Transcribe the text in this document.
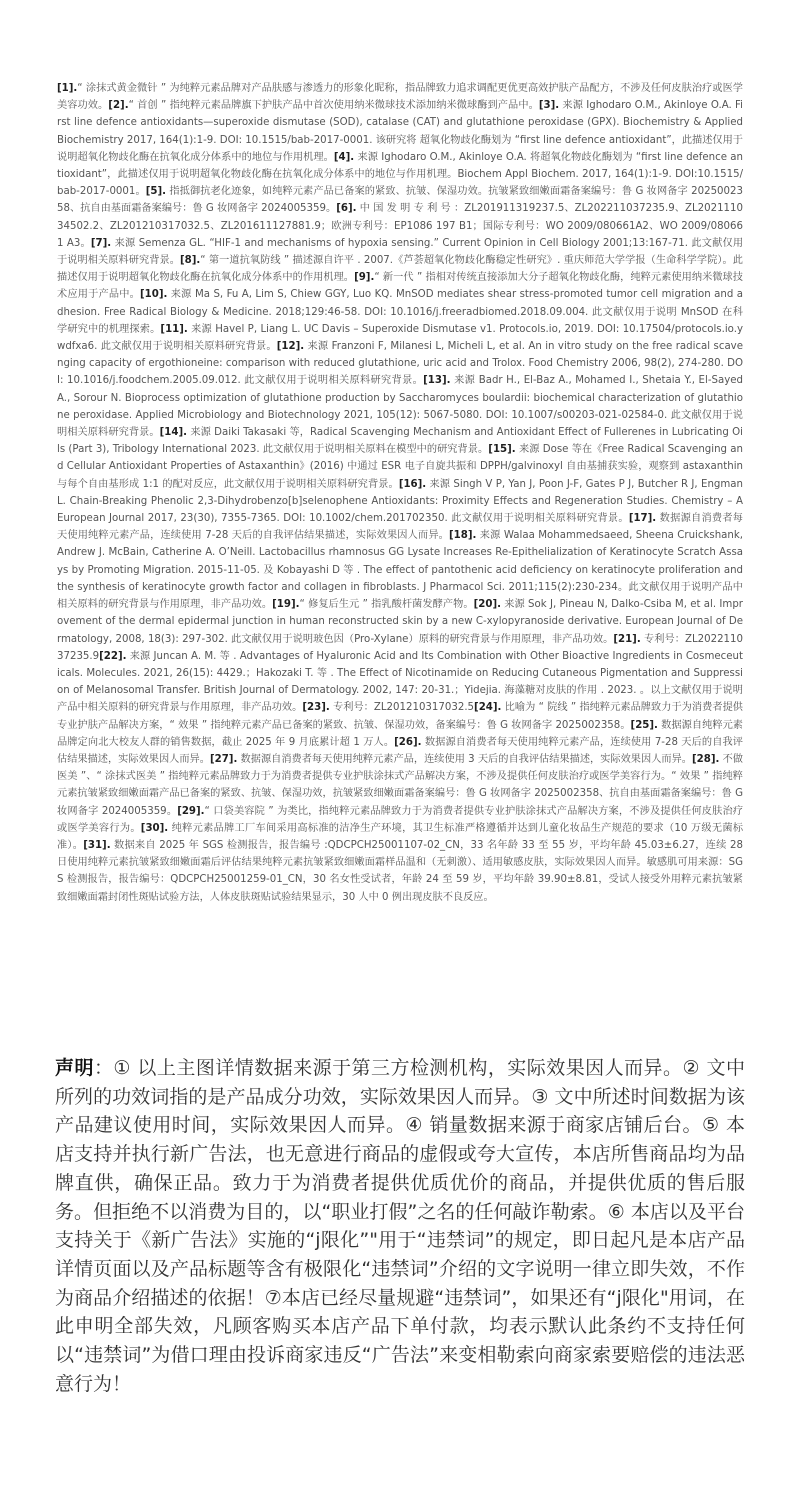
[1].“ 涂抹式黄金微针 ” 为纯粹元素品牌对产品肤感与渗透力的形象化昵称，指品牌致力追求调配更优更高效护肤产品配方，不涉及任何皮肤治疗或医学美容功效。[2].“ 首创 ” 指纯粹元素品牌旗下护肤产品中首次使用纳米微球技术添加纳米微球酶到产品中。[3]. 来源 Ighodaro O.M., Akinloye O.A. First line defence antioxidants—superoxide dismutase (SOD), catalase (CAT) and glutathione peroxidase (GPX). Biochemistry & Applied Biochemistry 2017, 164(1):1-9. DOI: 10.1515/bab-2017-0001. 该研究将 超氧化物歧化酶划为 “first line defence antioxidant”，此描述仅用于说明超氧化物歧化酶在抗氧化成分体系中的地位与作用机理。[4]. 来源 Ighodaro O.M., Akinloye O.A. 将超氧化物歧化酶划为 “first line defence antioxidant”，此描述仅用于说明超氧化物歧化酶在抗氧化成分体系中的地位与作用机理。Biochem Appl Biochem. 2017, 164(1):1-9. DOI:10.1515/bab-2017-0001。[5]. 指抵御抗老化迹象，如纯粹元素产品已备案的紧致、抗皱、保湿功效。抗皱紧致细嫩面霜备案编号：鲁 G 妆网备字 2025002358、抗自由基面霜备案编号：鲁 G 妆网备字 2024005359。[6]. 中 国 发 明 专 利 号 ：ZL201911319237.5、ZL202211037235.9、ZL202111034502.2、ZL201210317032.5、ZL201611127881.9；欧洲专利号：EP1086 197 B1；国际专利号：WO 2009/080661A2、WO 2009/080661 A3。[7]. 来源 Semenza GL. “HIF-1 and mechanisms of hypoxia sensing.” Current Opinion in Cell Biology 2001;13:167-71. 此文献仅用于说明相关原料研究背景。[8].“ 第一道抗氧防线 ” 描述源自许平 . 2007.《芦荟超氧化物歧化酶稳定性研究》. 重庆师范大学学报（生命科学学院）。此描述仅用于说明超氧化物歧化酶在抗氧化成分体系中的作用机理。[9].“ 新一代 ” 指相对传统直接添加大分子超氧化物歧化酶，纯粹元素使用纳米微球技术应用于产品中。[10]. 来源 Ma S, Fu A, Lim S, Chiew GGY, Luo KQ. MnSOD mediates shear stress-promoted tumor cell migration and adhesion. Free Radical Biology & Medicine. 2018;129:46-58. DOI: 10.1016/j.freeradbiomed.2018.09.004. 此文献仅用于说明 MnSOD 在科学研究中的机理探索。[11]. 来源 Havel P, Liang L. UC Davis – Superoxide Dismutase v1. Protocols.io, 2019. DOI: 10.17504/protocols.io.ywdfxa6. 此文献仅用于说明相关原料研究背景。[12]. 来源 Franzoni F, Milanesi L, Micheli L, et al. An in vitro study on the free radical scavenging capacity of ergothioneine: comparison with reduced glutathione, uric acid and Trolox. Food Chemistry 2006, 98(2), 274-280. DOI: 10.1016/j.foodchem.2005.09.012. 此文献仅用于说明相关原料研究背景。[13]. 来源 Badr H., El-Baz A., Mohamed I., Shetaia Y., El-Sayed A., Sorour N. Bioprocess optimization of glutathione production by Saccharomyces boulardii: biochemical characterization of glutathione peroxidase. Applied Microbiology and Biotechnology 2021, 105(12): 5067-5080. DOI: 10.1007/s00203-021-02584-0. 此文献仅用于说明相关原料研究背景。[14]. 来源 Daiki Takasaki 等，Radical Scavenging Mechanism and Antioxidant Effect of Fullerenes in Lubricating Oils (Part 3), Tribology International 2023. 此文献仅用于说明相关原料在模型中的研究背景。[15]. 来源 Dose 等在《Free Radical Scavenging and Cellular Antioxidant Properties of Astaxanthin》(2016) 中通过 ESR 电子自旋共振和 DPPH/galvinoxyl 自由基捕获实验，观察到 astaxanthin 与每个自由基形成 1:1 的配对反应，此文献仅用于说明相关原料研究背景。[16]. 来源 Singh V P, Yan J, Poon J-F, Gates P J, Butcher R J, Engman L. Chain-Breaking Phenolic 2,3-Dihydrobenzo[b]selenophene Antioxidants: Proximity Effects and Regeneration Studies. Chemistry – A European Journal 2017, 23(30), 7355-7365. DOI: 10.1002/chem.201702350. 此文献仅用于说明相关原料研究背景。[17]. 数据源自消费者每天使用纯粹元素产品，连续使用 7-28 天后的自我评估结果描述，实际效果因人而异。[18]. 来源 Walaa Mohammedsaeed, Sheena Cruickshank, Andrew J. McBain, Catherine A. O’Neill. Lactobacillus rhamnosus GG Lysate Increases Re-Epithelialization of Keratinocyte Scratch Assays by Promoting Migration. 2015-11-05. 及 Kobayashi D 等 . The effect of pantothenic acid deficiency on keratinocyte proliferation and the synthesis of keratinocyte growth factor and collagen in fibroblasts. J Pharmacol Sci. 2011;115(2):230-234。此文献仅用于说明产品中相关原料的研究背景与作用原理，非产品功效。[19].“ 修复后生元 ” 指乳酸杆菌发酵产物。[20]. 来源 Sok J, Pineau N, Dalko-Csiba M, et al. Improvement of the dermal epidermal junction in human reconstructed skin by a new C-xylopyranoside derivative. European Journal of Dermatology, 2008, 18(3): 297-302. 此文献仅用于说明玻色因（Pro-Xylane）原料的研究背景与作用原理，非产品功效。[21]. 专利号：ZL202211037235.9[22]. 来源 Juncan A. M. 等 . Advantages of Hyaluronic Acid and Its Combination with Other Bioactive Ingredients in Cosmeceuticals. Molecules. 2021, 26(15): 4429.；Hakozaki T. 等 . The Effect of Nicotinamide on Reducing Cutaneous Pigmentation and Suppression of Melanosomal Transfer. British Journal of Dermatology. 2002, 147: 20-31.；Yidejia. 海藻糖对皮肤的作用 . 2023. 。以上文献仅用于说明产品中相关原料的研究背景与作用原理，非产品功效。[23]. 专利号：ZL201210317032.5[24]. 比喻为 “ 院线 ” 指纯粹元素品牌致力于为消费者提供专业护肤产品解决方案，“ 效果 ” 指纯粹元素产品已备案的紧致、抗皱、保湿功效，备案编号：鲁 G 妆网备字 2025002358。[25]. 数据源自纯粹元素品牌定向北大校友人群的销售数据，截止 2025 年 9 月底累计超 1 万人。[26]. 数据源自消费者每天使用纯粹元素产品，连续使用 7-28 天后的自我评估结果描述，实际效果因人而异。[27]. 数据源自消费者每天使用纯粹元素产品，连续使用 3 天后的自我评估结果描述，实际效果因人而异。[28]. 不做医美 ”、“ 涂抹式医美 ” 指纯粹元素品牌致力于为消费者提供专业护肤涂抹式产品解决方案，不涉及提供任何皮肤治疗或医学美容行为。“ 效果 ” 指纯粹元素抗皱紧致细嫩面霜产品已备案的紧致、抗皱、保湿功效，抗皱紧致细嫩面霜备案编号：鲁 G 妆网备字 2025002358、抗自由基面霜备案编号：鲁 G 妆网备字 2024005359。[29].“ 口袋美容院 ” 为类比，指纯粹元素品牌致力于为消费者提供专业护肤涂抹式产品解决方案，不涉及提供任何皮肤治疗或医学美容行为。[30]. 纯粹元素品牌工厂车间采用高标准的洁净生产环境，其卫生标准严格遵循并达到儿童化妆品生产规范的要求（10 万级无菌标准）。[31]. 数据来自 2025 年 SGS 检测报告，报告编号 :QDCPCH25001107-02_CN，33 名年龄 33 至 55 岁，平均年龄 45.03±6.27，连续 28 日使用纯粹元素抗皱紧致细嫩面霜后评估结果纯粹元素抗皱紧致细嫩面霜样品温和（无刺激）、适用敏感皮肤，实际效果因人而异。敏感肌可用来源：SGS 检测报告，报告编号：QDCPCH25001259-01_CN，30 名女性受试者，年龄 24 至 59 岁，平均年龄 39.90±8.81，受试人接受外用粹元素抗皱紧致细嫩面霜封闭性斑贴试验方法，人体皮肤斑贴试验结果显示，30 人中 0 例出现皮肤不良反应。
声明：① 以上主图详情数据来源于第三方检测机构，实际效果因人而异。② 文中所列的功效词指的是产品成分功效，实际效果因人而异。③ 文中所述时间数据为该产品建议使用时间，实际效果因人而异。④ 销量数据来源于商家店铺后台。⑤ 本店支持并执行新广告法，也无意进行商品的虚假或夸大宣传，本店所售商品均为品牌直供，确保正品。致力于为消费者提供优质优价的商品，并提供优质的售后服务。但拒绝不以消费为目的，以“职业打假”之名的任何敲诈勒索。⑥ 本店以及平台支持关于《新广告法》实施的“j限化”"用于“违禁词”的规定，即日起凡是本店产品详情页面以及产品标题等含有极限化“违禁词”介绍的文字说明一律立即失效，不作为商品介绍描述的依据！⑦本店已经尽量规避“违禁词”，如果还有“j限化"用词，在此申明全部失效，凡顾客购买本店产品下单付款，均表示默认此条约不支持任何以“违禁词”为借口理由投诉商家违反“广告法”来变相勒索向商家索要赔偿的违法恶意行为！
